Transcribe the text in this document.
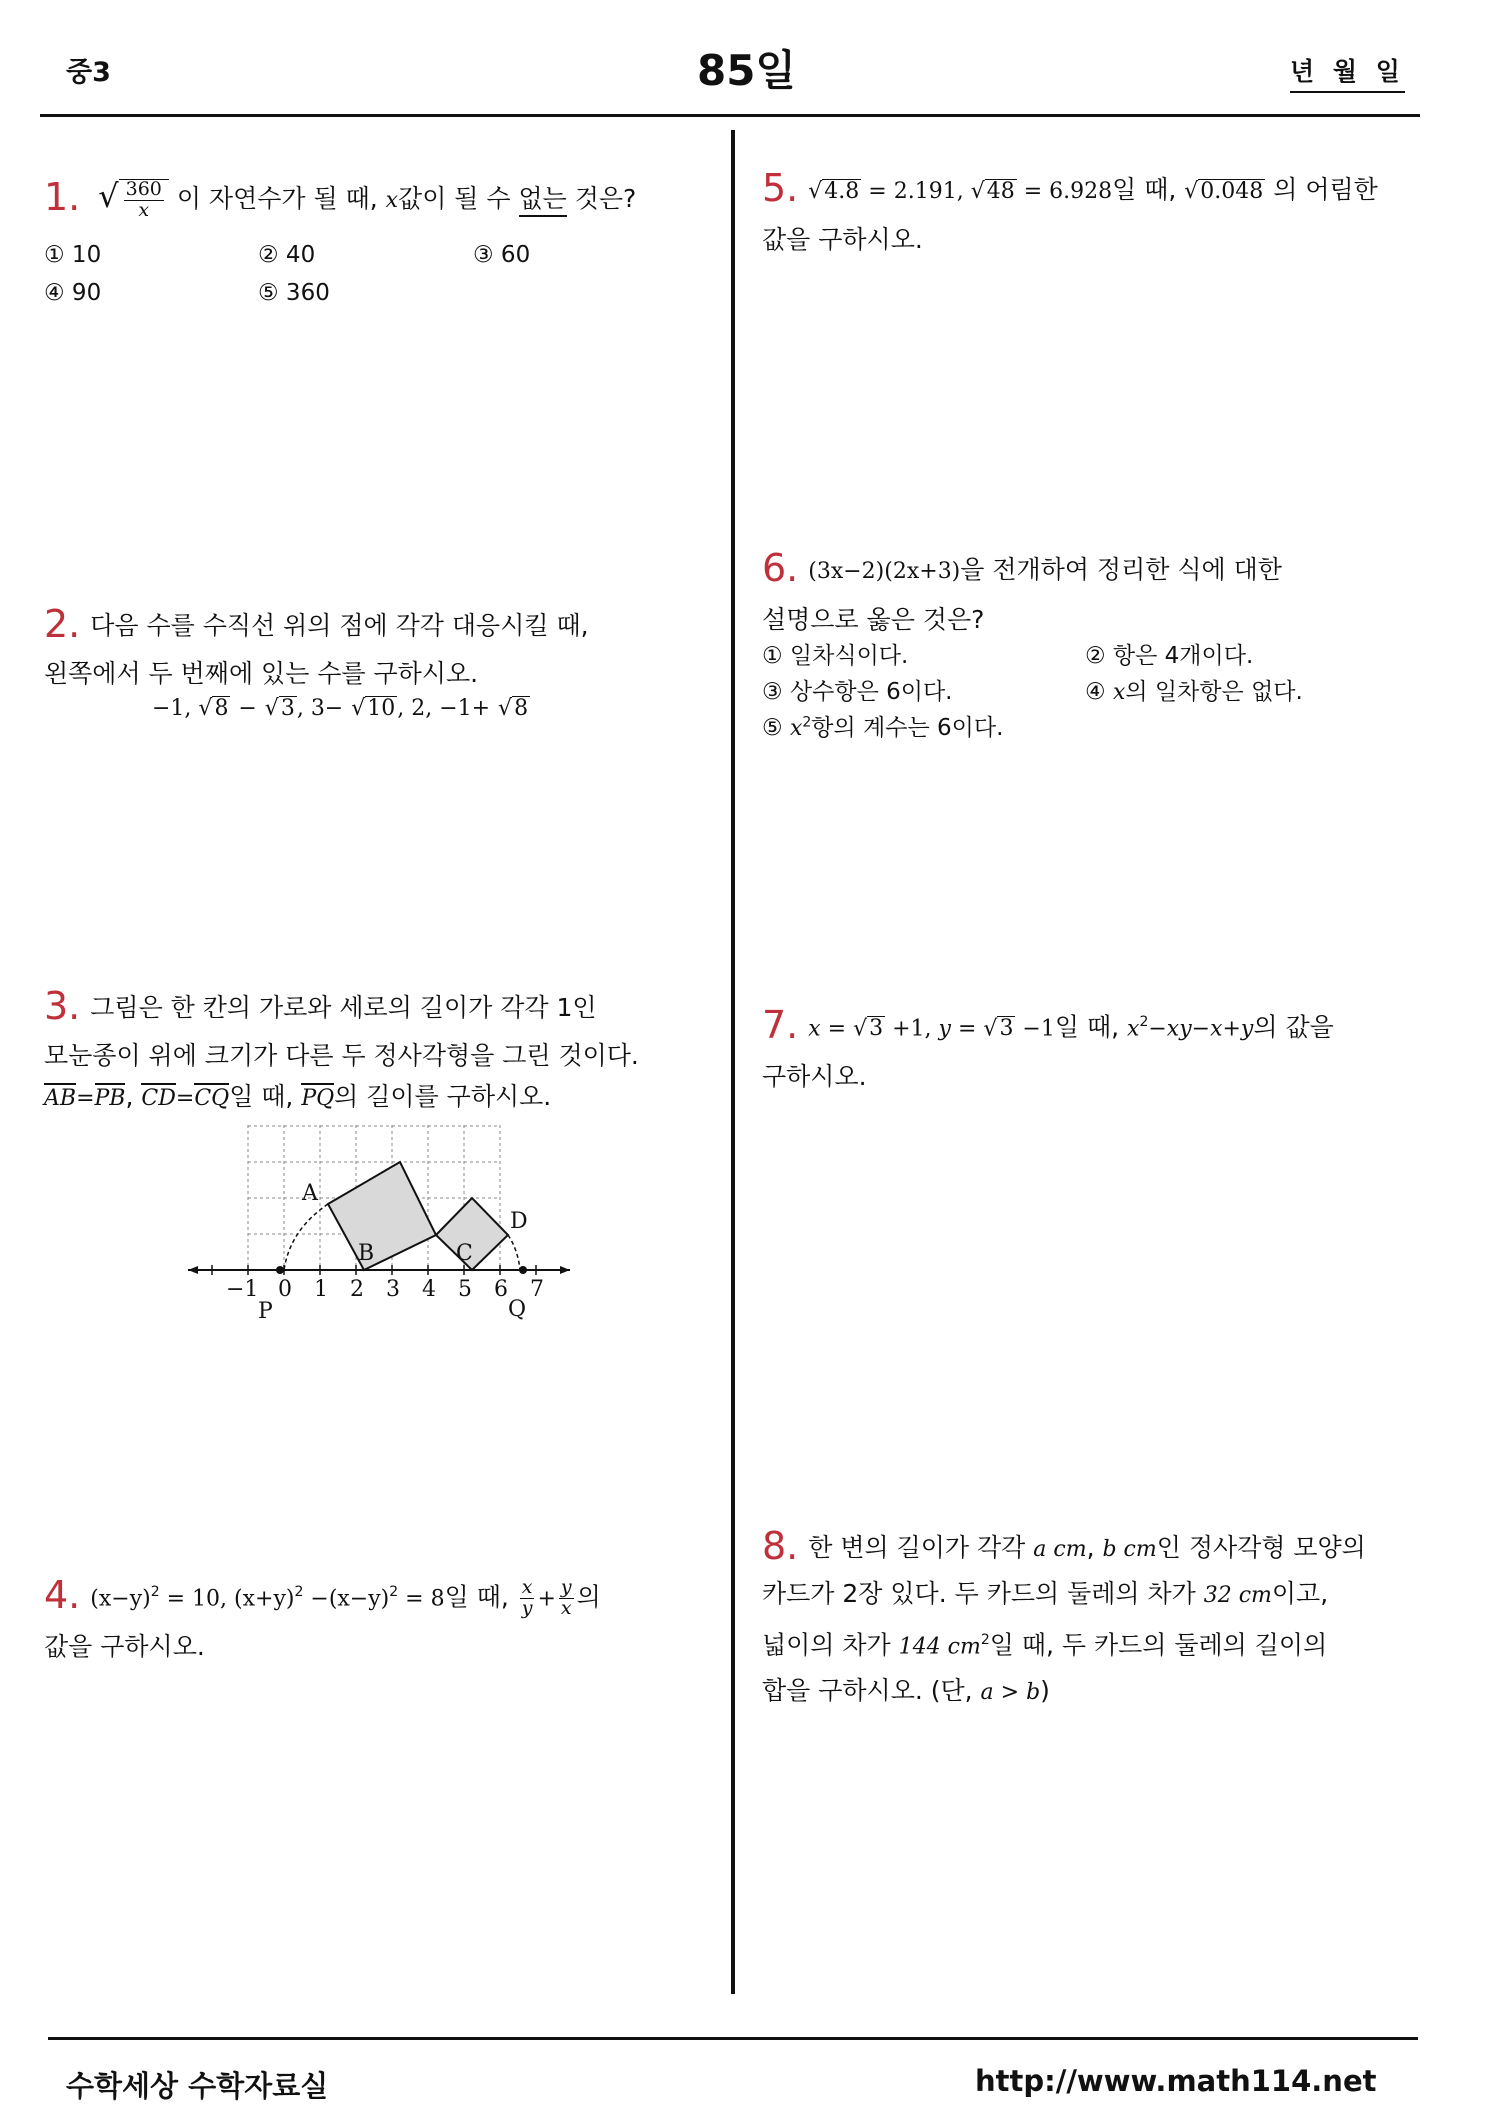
중3	85일	년 월 일
1. √ $\frac{360}{x}$ 이 자연수가 될 때, x값이 될 수 없는 것은?
① 10	② 40	③ 60
④ 90	⑤ 360
2. 다음 수를 수직선 위의 점에 각각 대응시킬 때,
왼쪽에서 두 번째에 있는 수를 구하시오.
−1, √8 − √3, 3− √10, 2, −1+ √8
3. 그림은 한 칸의 가로와 세로의 길이가 각각 1인
모눈종이 위에 크기가 다른 두 정사각형을 그린 것이다.
AB=PB, CD=CQ일 때, PQ의 길이를 구하시오.
A
B	C
D
P	Q
−1 0 1 2 3 4 5 6 7
4. $(x-y)^2 = 10$, $(x+y)^2 -(x-y)^2 = 8$일 때, $\frac{x}{y} + \frac{y}{x}$ 의
값을 구하시오.
5. √4.8 = 2.191, √48 = 6.928일 때, √0.048 의 어림한
값을 구하시오.
6. (3x−2)(2x+3)을 전개하여 정리한 식에 대한
설명으로 옳은 것은?
① 일차식이다.	② 항은 4개이다.
③ 상수항은 6이다.	④ x의 일차항은 없다.
⑤ $x^2$항의 계수는 6이다.
7. x = √3 +1, y = √3 −1일 때, $x^2-xy-x+y$의 값을
구하시오.
8. 한 변의 길이가 각각 a cm, b cm인 정사각형 모양의
카드가 2장 있다. 두 카드의 둘레의 차가 32 cm이고,
넓이의 차가 144 $cm^2$일 때, 두 카드의 둘레의 길이의
합을 구하시오. (단, a > b)
수학세상 수학자료실	http://www.math114.net
